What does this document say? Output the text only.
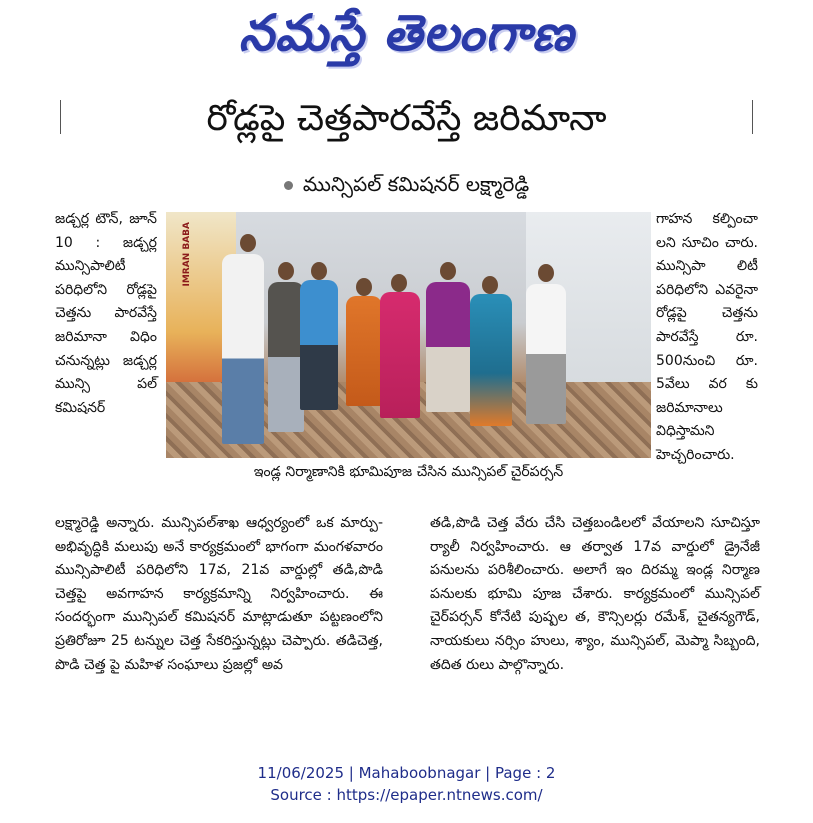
నమస్తే తెలంగాణ
రోడ్లపై చెత్తపారవేస్తే జరిమానా
మున్సిపల్ కమిషనర్ లక్ష్మారెడ్డి
జడ్చర్ల టౌన్, జూన్ 10 : జడ్చర్ల మున్సిపాలిటీ పరిధిలోని రోడ్లపై చెత్తను పారవేస్తే జరిమానా విధిం చనున్నట్లు జడ్చర్ల మున్సి పల్ కమిషనర్
గాహన కల్పించా లని సూచిం చారు. మున్సిపా లిటీ పరిధిలోని ఎవరైనా రోడ్లపై చెత్తను పారవేస్తే రూ. 500నుంచి రూ. 5వేలు వర కు జరిమానాలు విధిస్తామని హెచ్చరించారు.
IMRAN BABA
ఇండ్ల నిర్మాణానికి భూమిపూజ చేసిన మున్సిపల్ చైర్‌పర్సన్
లక్ష్మారెడ్డి అన్నారు. మున్సిపల్‌శాఖ ఆధ్వర్యంలో ఒక మార్పు-అభివృద్ధికి మలుపు అనే కార్యక్రమంలో భాగంగా మంగళవారం మున్సిపాలిటీ పరిధిలోని 17వ, 21వ వార్డుల్లో తడి,పొడి చెత్తపై అవగాహన కార్యక్రమాన్ని నిర్వహించారు. ఈ సందర్భంగా మున్సిపల్ కమిషనర్ మాట్లాడుతూ పట్టణంలోని ప్రతిరోజూ 25 టన్నుల చెత్త సేకరిస్తున్నట్లు చెప్పారు. తడిచెత్త, పొడి చెత్త పై మహిళ సంఘాలు ప్రజల్లో అవ
తడి,పొడి చెత్త వేరు చేసి చెత్తబండిలలో వేయాలని సూచిస్తూ ర్యాలీ నిర్వహించారు. ఆ తర్వాత 17వ వార్డులో డ్రైనేజీ పనులను పరిశీలించారు. అలాగే ఇం దిరమ్మ ఇండ్ల నిర్మాణ పనులకు భూమి పూజ చేశారు. కార్యక్రమంలో మున్సిపల్ చైర్‌పర్సన్ కోనేటి పుష్పల త, కౌన్సిలర్లు రమేశ్, చైతన్యగౌడ్, నాయకులు నర్సిం హులు, శ్యాం, మున్సిపల్, మెప్మా సిబ్బంది, తదిత రులు పాల్గొన్నారు.
11/06/2025 | Mahaboobnagar | Page : 2
Source : https://epaper.ntnews.com/
